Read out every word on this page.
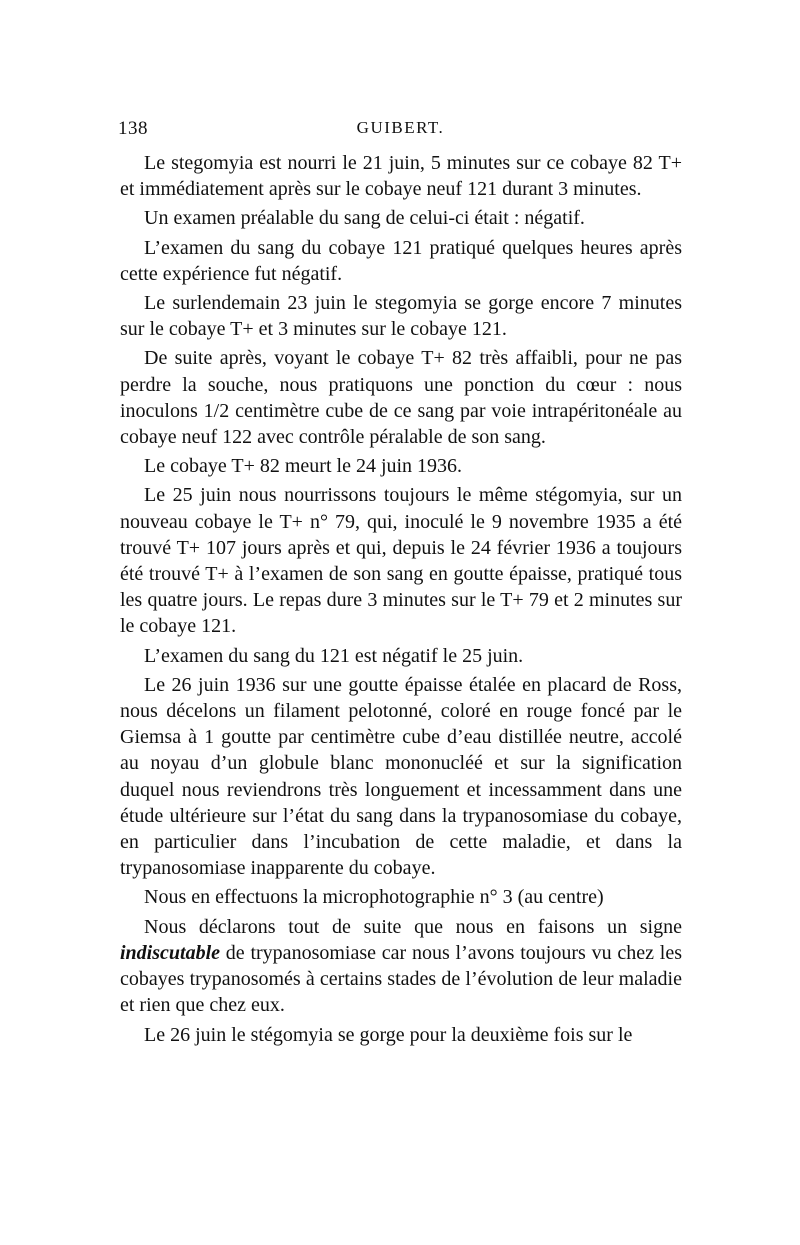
138	GUIBERT.

Le stegomyia est nourri le 21 juin, 5 minutes sur ce cobaye 82 T+ et immédiatement après sur le cobaye neuf 121 durant 3 minutes.

Un examen préalable du sang de celui-ci était : négatif.

L’examen du sang du cobaye 121 pratiqué quelques heures après cette expérience fut négatif.

Le surlendemain 23 juin le stegomyia se gorge encore 7 minutes sur le cobaye T+ et 3 minutes sur le cobaye 121.

De suite après, voyant le cobaye T+ 82 très affaibli, pour ne pas perdre la souche, nous pratiquons une ponction du cœur : nous inoculons 1/2 centimètre cube de ce sang par voie intrapéritonéale au cobaye neuf 122 avec contrôle péralable de son sang.

Le cobaye T+ 82 meurt le 24 juin 1936.

Le 25 juin nous nourrissons toujours le même stégomyia, sur un nouveau cobaye le T+ n° 79, qui, inoculé le 9 novembre 1935 a été trouvé T+ 107 jours après et qui, depuis le 24 février 1936 a toujours été trouvé T+ à l’examen de son sang en goutte épaisse, pratiqué tous les quatre jours. Le repas dure 3 minutes sur le T+ 79 et 2 minutes sur le cobaye 121.

L’examen du sang du 121 est négatif le 25 juin.

Le 26 juin 1936 sur une goutte épaisse étalée en placard de Ross, nous décelons un filament pelotonné, coloré en rouge foncé par le Giemsa à 1 goutte par centimètre cube d’eau distillée neutre, accolé au noyau d’un globule blanc mononucléé et sur la signification duquel nous reviendrons très longuement et incessamment dans une étude ultérieure sur l’état du sang dans la trypanosomiase du cobaye, en particulier dans l’incubation de cette maladie, et dans la trypanosomiase inapparente du cobaye.

Nous en effectuons la microphotographie n° 3 (au centre)

Nous déclarons tout de suite que nous en faisons un signe indiscutable de trypanosomiase car nous l’avons toujours vu chez les cobayes trypanosomés à certains stades de l’évolution de leur maladie et rien que chez eux.

Le 26 juin le stégomyia se gorge pour la deuxième fois sur le
